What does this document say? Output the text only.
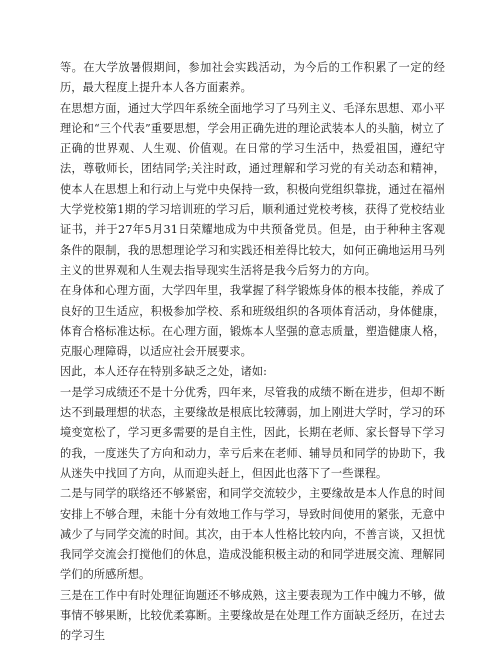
等。在大学放暑假期间，参加社会实践活动，为今后的工作积累了一定的经历，最大程度上提升本人各方面素养。

在思想方面，通过大学四年系统全面地学习了马列主义、毛泽东思想、邓小平理论和“三个代表”重要思想，学会用正确先进的理论武装本人的头脑，树立了正确的世界观、人生观、价值观。在日常的学习生活中，热爱祖国，遵纪守法，尊敬师长，团结同学;关注时政，通过理解和学习党的有关动态和精神，使本人在思想上和行动上与党中央保持一致，积极向党组织靠拢，通过在福州大学党校第1期的学习培训班的学习后，顺利通过党校考核，获得了党校结业证书，并于27年5月31日荣耀地成为中共预备党员。但是，由于种种主客观条件的限制，我的思想理论学习和实践还相差得比较大，如何正确地运用马列主义的世界观和人生观去指导现实生活将是我今后努力的方向。

在身体和心理方面，大学四年里，我掌握了科学锻炼身体的根本技能，养成了良好的卫生适应，积极参加学校、系和班级组织的各项体育活动，身体健康，体育合格标准达标。在心理方面，锻炼本人坚强的意志质量，塑造健康人格，克服心理障碍，以适应社会开展要求。

因此，本人还存在特别多缺乏之处，诸如:

一是学习成绩还不是十分优秀，四年来，尽管我的成绩不断在进步，但却不断达不到最理想的状态，主要缘故是根底比较薄弱，加上刚进大学时，学习的环境变宽松了，学习更多需要的是自主性，因此，长期在老师、家长督导下学习的我，一度迷失了方向和动力，幸亏后来在老师、辅导员和同学的协助下，我从迷失中找回了方向，从而迎头赶上，但因此也落下了一些课程。

二是与同学的联络还不够紧密，和同学交流较少，主要缘故是本人作息的时间安排上不够合理，未能十分有效地工作与学习，导致时间使用的紧张，无意中减少了与同学交流的时间。其次，由于本人性格比较内向，不善言谈，又担忧我同学交流会打搅他们的休息，造成没能积极主动的和同学进展交流、理解同学们的所感所想。

三是在工作中有时处理征询题还不够成熟，这主要表现为工作中魄力不够，做事情不够果断，比较优柔寡断。主要缘故是在处理工作方面缺乏经历，在过去的学习生
